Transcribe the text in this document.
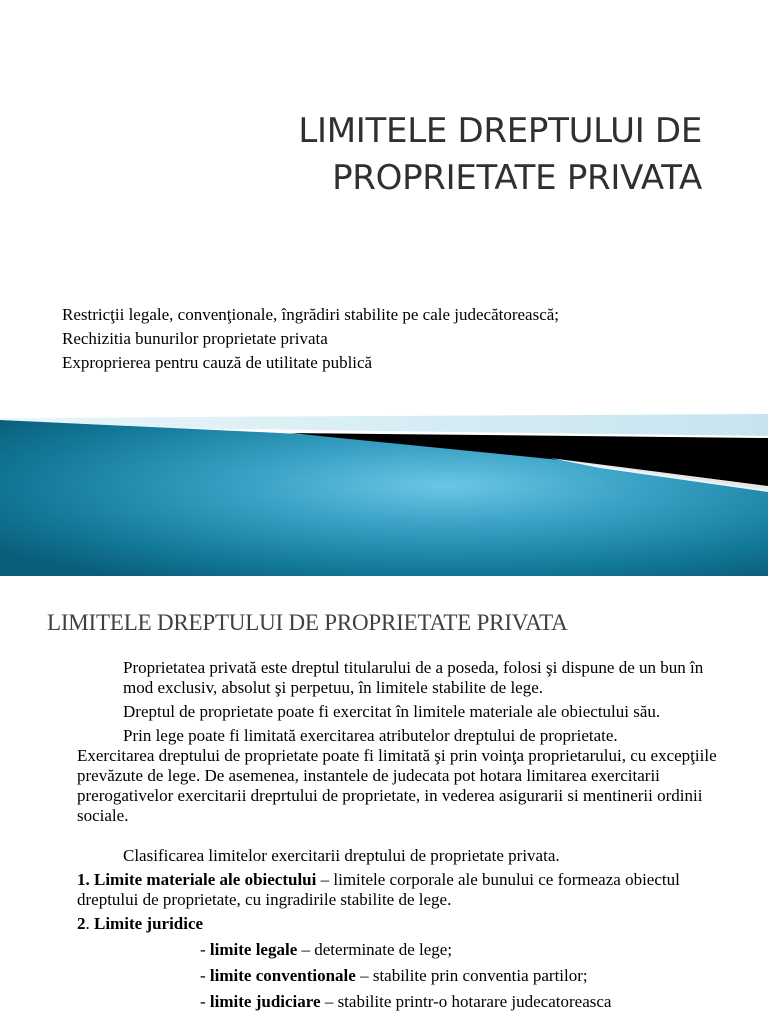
LIMITELE DREPTULUI DE
PROPRIETATE PRIVATA
Restricţii legale, convenţionale, îngrădiri stabilite pe cale judecătorească;
Rechizitia bunurilor proprietate privata
Exproprierea pentru cauză de utilitate publică
LIMITELE DREPTULUI DE PROPRIETATE PRIVATA

Proprietatea privată este dreptul titularului de a poseda, folosi şi dispune de un bun în mod exclusiv, absolut şi perpetuu, în limitele stabilite de lege.

Dreptul de proprietate poate fi exercitat în limitele materiale ale obiectului său.

Prin lege poate fi limitată exercitarea atributelor dreptului de proprietate.

Exercitarea dreptului de proprietate poate fi limitată şi prin voinţa proprietarului, cu excepţiile prevăzute de lege. De asemenea, instantele de judecata pot hotara limitarea exercitarii prerogativelor exercitarii dreprtului de proprietate, in vederea asigurarii si mentinerii ordinii sociale.

Clasificarea limitelor exercitarii dreptului de proprietate privata.

1. Limite materiale ale obiectului – limitele corporale ale bunului ce formeaza obiectul dreptului de proprietate, cu ingradirile stabilite de lege.

2. Limite juridice

- limite legale – determinate de lege;

- limite conventionale – stabilite prin conventia partilor;

- limite judiciare – stabilite printr-o hotarare judecatoreasca
